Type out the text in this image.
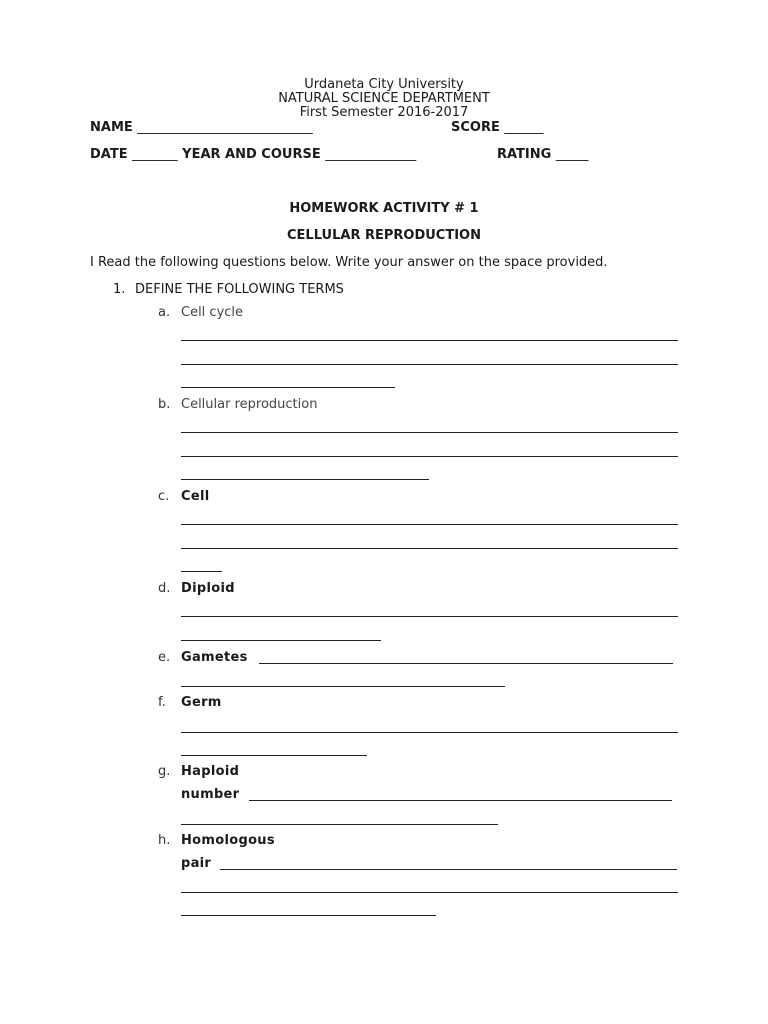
Urdaneta City University
NATURAL SCIENCE DEPARTMENT
First Semester 2016-2017
NAME ___________________________	SCORE ______
DATE _______ YEAR AND COURSE ______________	RATING _____
HOMEWORK ACTIVITY # 1
CELLULAR REPRODUCTION
I Read the following questions below. Write your answer on the space provided.
1. DEFINE THE FOLLOWING TERMS
a. Cell cycle
b. Cellular reproduction
c. Cell
d. Diploid
e. Gametes
f. Germ
g. Haploid
number
h. Homologous
pair
